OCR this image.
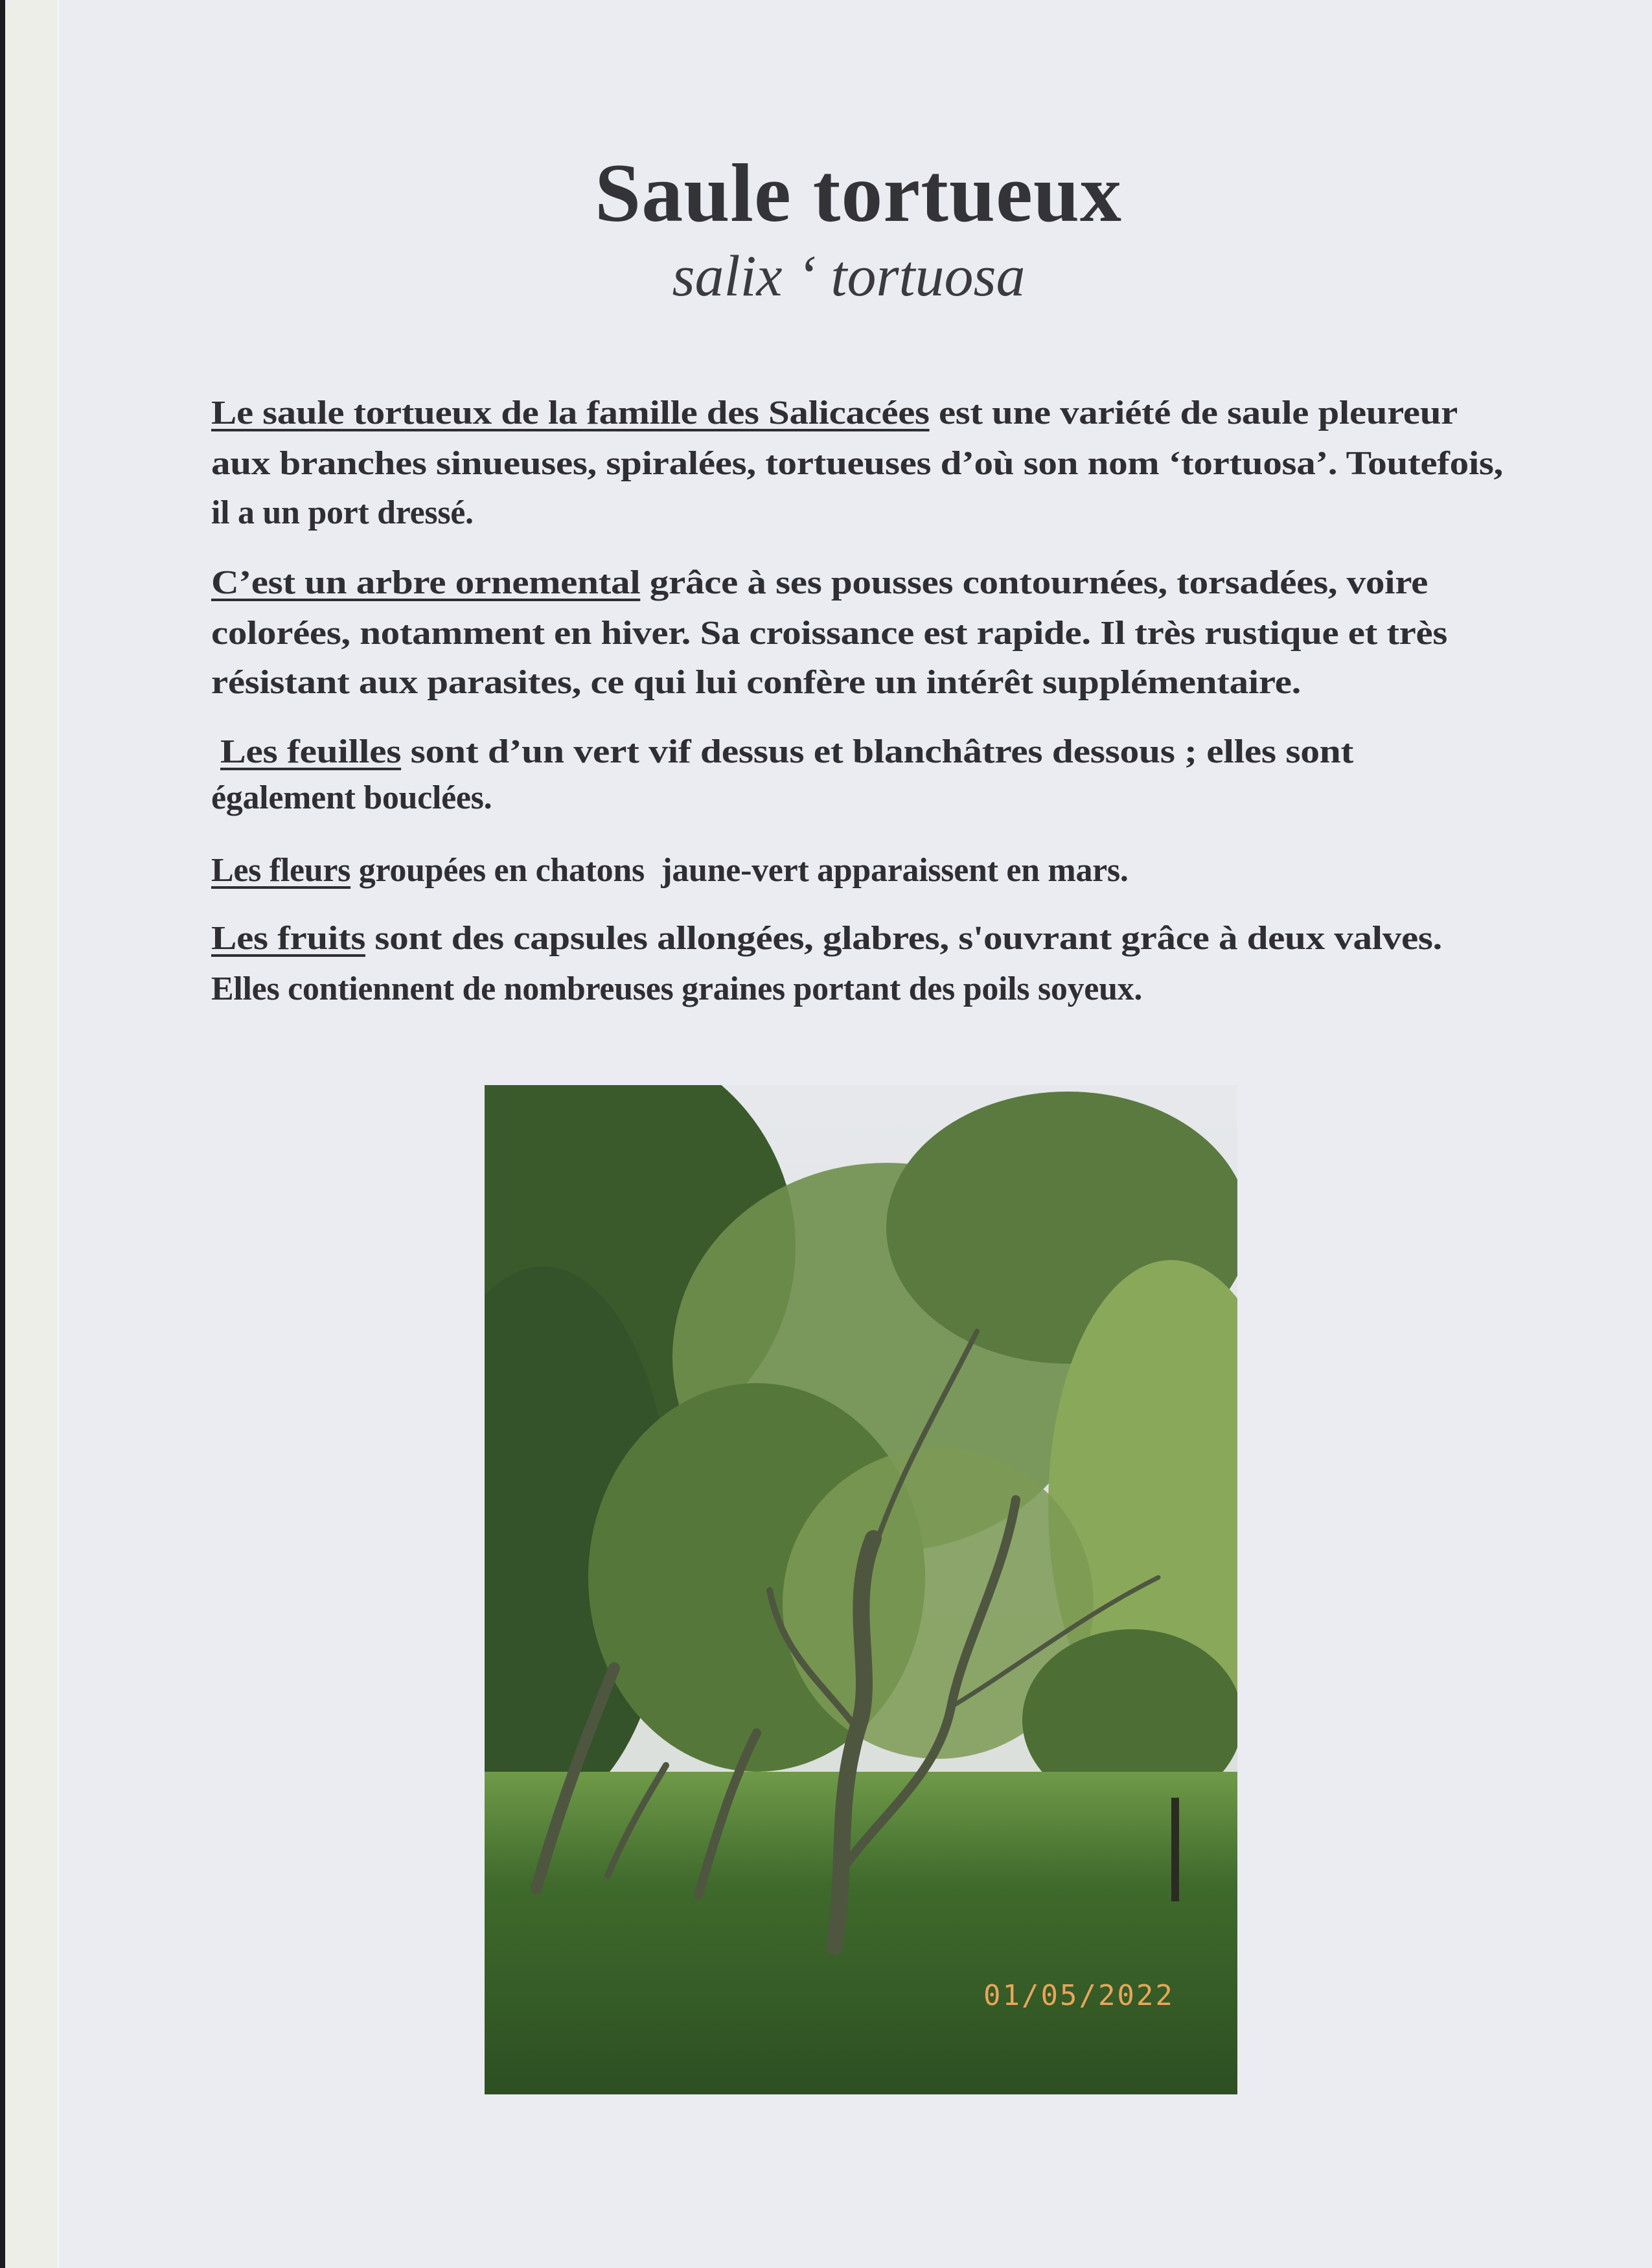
Saule tortueux
salix ‘ tortuosa
Le saule tortueux de la famille des Salicacées est une variété de saule pleureur
aux branches sinueuses, spiralées, tortueuses d’où son nom ‘tortuosa’. Toutefois,
il a un port dressé.
C’est un arbre ornemental grâce à ses pousses contournées, torsadées, voire
colorées, notamment en hiver. Sa croissance est rapide. Il très rustique et très
résistant aux parasites, ce qui lui confère un intérêt supplémentaire.
Les feuilles sont d’un vert vif dessus et blanchâtres dessous ; elles sont
également bouclées.
Les fleurs groupées en chatons  jaune-vert apparaissent en mars.
Les fruits sont des capsules allongées, glabres, s'ouvrant grâce à deux valves.
Elles contiennent de nombreuses graines portant des poils soyeux.
01/05/2022
